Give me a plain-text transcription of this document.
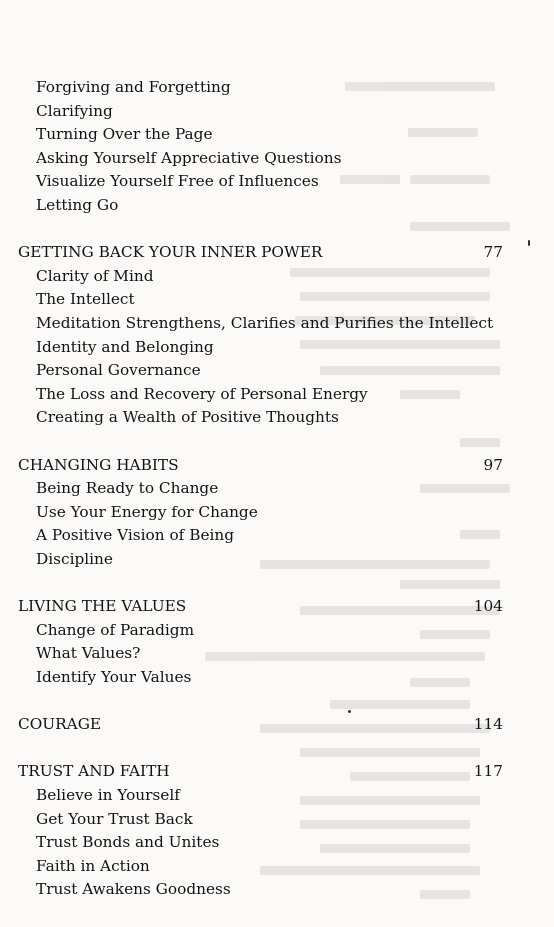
Forgiving and Forgetting
Clarifying
Turning Over the Page
Asking Yourself Appreciative Questions
Visualize Yourself Free of Influences
Letting Go
GETTING BACK YOUR INNER POWER	77
Clarity of Mind
The Intellect
Meditation Strengthens, Clarifies and Purifies the Intellect
Identity and Belonging
Personal Governance
The Loss and Recovery of Personal Energy
Creating a Wealth of Positive Thoughts
CHANGING HABITS	97
Being Ready to Change
Use Your Energy for Change
A Positive Vision of Being
Discipline
LIVING THE VALUES	104
Change of Paradigm
What Values?
Identify Your Values
COURAGE	114
TRUST AND FAITH	117
Believe in Yourself
Get Your Trust Back
Trust Bonds and Unites
Faith in Action
Trust Awakens Goodness
